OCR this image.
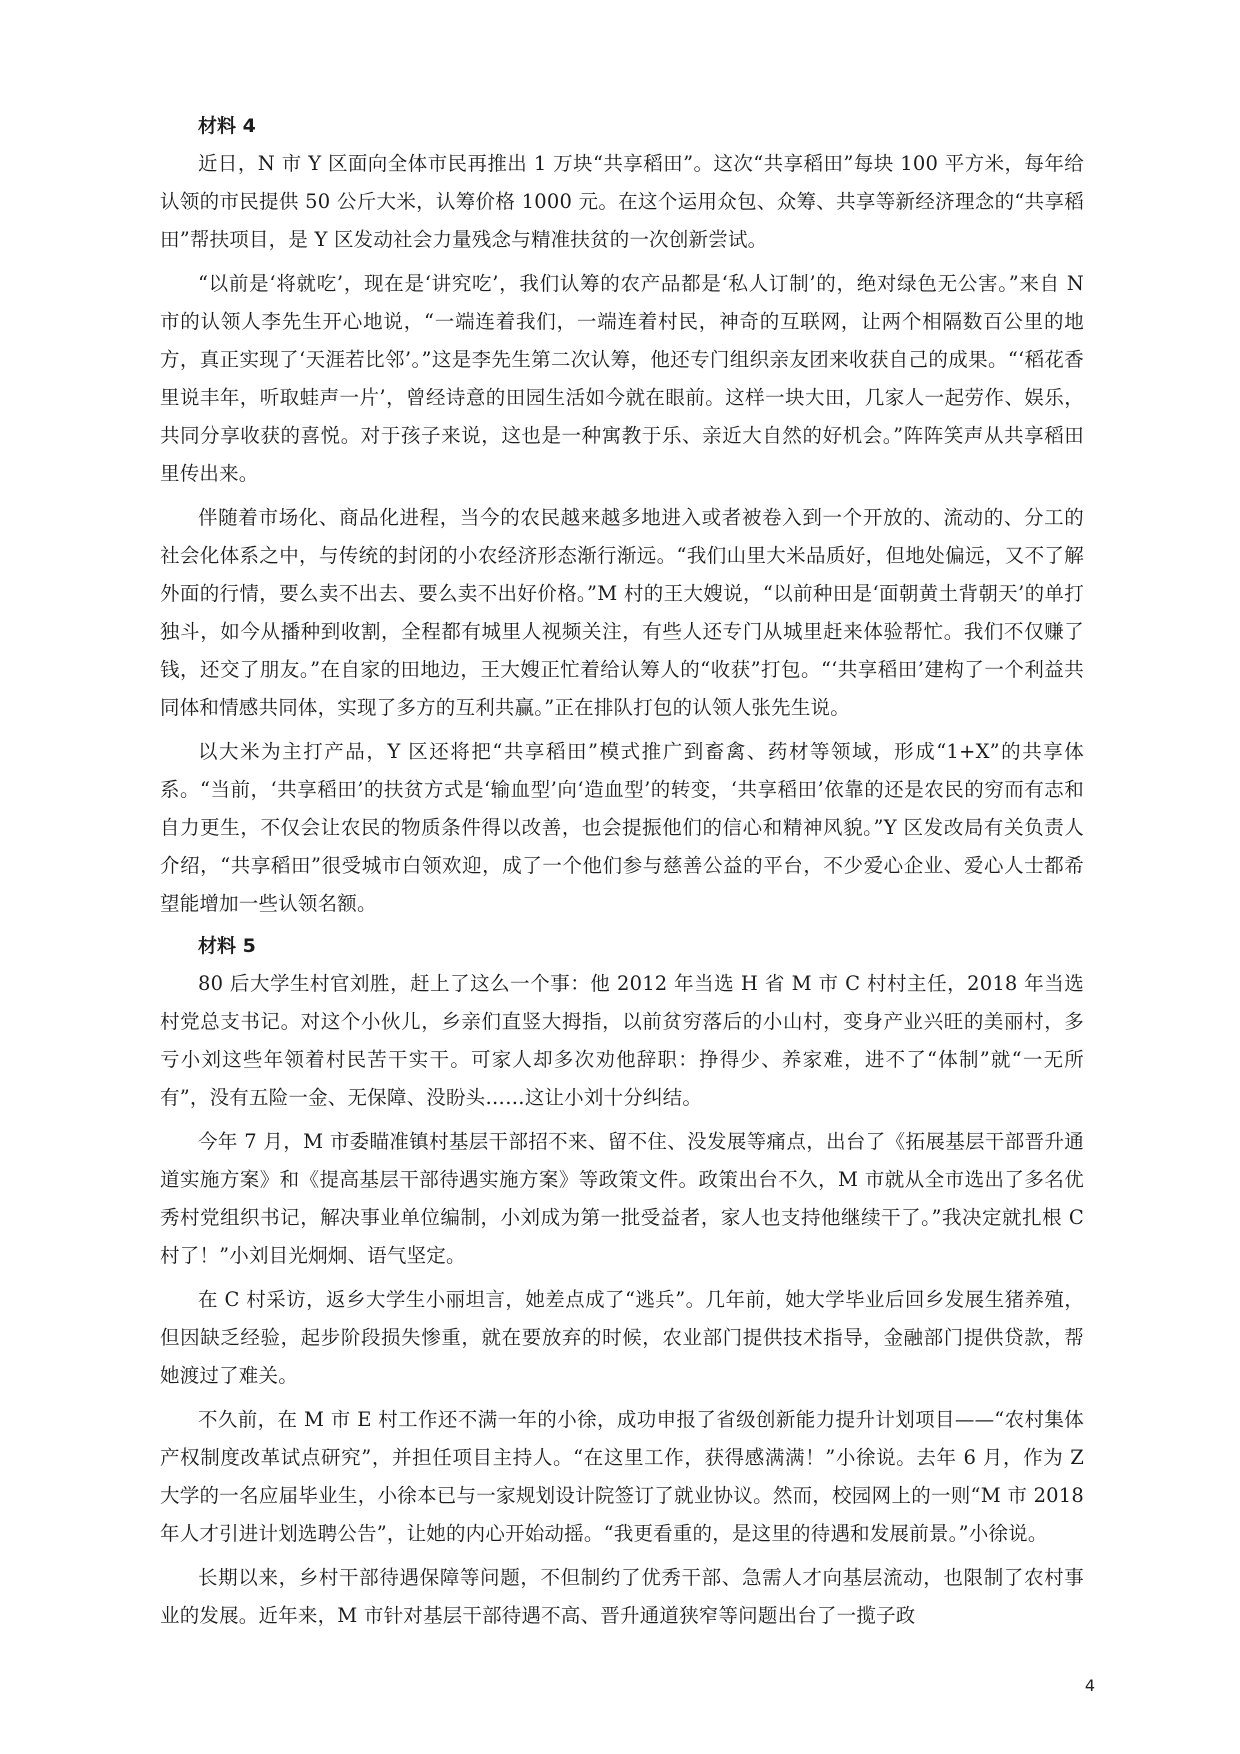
材料 4

近日，N 市 Y 区面向全体市民再推出 1 万块“共享稻田”。这次“共享稻田”每块 100 平方米，每年给认领的市民提供 50 公斤大米，认筹价格 1000 元。在这个运用众包、众筹、共享等新经济理念的“共享稻田”帮扶项目，是 Y 区发动社会力量残念与精准扶贫的一次创新尝试。

“以前是‘将就吃’，现在是‘讲究吃’，我们认筹的农产品都是‘私人订制’的，绝对绿色无公害。”来自 N 市的认领人李先生开心地说，“一端连着我们，一端连着村民，神奇的互联网，让两个相隔数百公里的地方，真正实现了‘天涯若比邻’。”这是李先生第二次认筹，他还专门组织亲友团来收获自己的成果。“‘稻花香里说丰年，听取蛙声一片’，曾经诗意的田园生活如今就在眼前。这样一块大田，几家人一起劳作、娱乐，共同分享收获的喜悦。对于孩子来说，这也是一种寓教于乐、亲近大自然的好机会。”阵阵笑声从共享稻田里传出来。

伴随着市场化、商品化进程，当今的农民越来越多地进入或者被卷入到一个开放的、流动的、分工的社会化体系之中，与传统的封闭的小农经济形态渐行渐远。“我们山里大米品质好，但地处偏远，又不了解外面的行情，要么卖不出去、要么卖不出好价格。”M 村的王大嫂说，“以前种田是‘面朝黄土背朝天’的单打独斗，如今从播种到收割，全程都有城里人视频关注，有些人还专门从城里赶来体验帮忙。我们不仅赚了钱，还交了朋友。”在自家的田地边，王大嫂正忙着给认筹人的“收获”打包。“‘共享稻田’建构了一个利益共同体和情感共同体，实现了多方的互利共赢。”正在排队打包的认领人张先生说。

以大米为主打产品，Y 区还将把“共享稻田”模式推广到畜禽、药材等领域，形成“1+X”的共享体系。“当前，‘共享稻田’的扶贫方式是‘输血型’向‘造血型’的转变，‘共享稻田’依靠的还是农民的穷而有志和自力更生，不仅会让农民的物质条件得以改善，也会提振他们的信心和精神风貌。”Y 区发改局有关负责人介绍，“共享稻田”很受城市白领欢迎，成了一个他们参与慈善公益的平台，不少爱心企业、爱心人士都希望能增加一些认领名额。

材料 5

80 后大学生村官刘胜，赶上了这么一个事：他 2012 年当选 H 省 M 市 C 村村主任，2018 年当选村党总支书记。对这个小伙儿，乡亲们直竖大拇指，以前贫穷落后的小山村，变身产业兴旺的美丽村，多亏小刘这些年领着村民苦干实干。可家人却多次劝他辞职：挣得少、养家难，进不了“体制”就“一无所有”，没有五险一金、无保障、没盼头……这让小刘十分纠结。

今年 7 月，M 市委瞄准镇村基层干部招不来、留不住、没发展等痛点，出台了《拓展基层干部晋升通道实施方案》和《提高基层干部待遇实施方案》等政策文件。政策出台不久，M 市就从全市选出了多名优秀村党组织书记，解决事业单位编制，小刘成为第一批受益者，家人也支持他继续干了。”我决定就扎根 C 村了！”小刘目光炯炯、语气坚定。

在 C 村采访，返乡大学生小丽坦言，她差点成了“逃兵”。几年前，她大学毕业后回乡发展生猪养殖，但因缺乏经验，起步阶段损失惨重，就在要放弃的时候，农业部门提供技术指导，金融部门提供贷款，帮她渡过了难关。

不久前，在 M 市 E 村工作还不满一年的小徐，成功申报了省级创新能力提升计划项目——“农村集体产权制度改革试点研究”，并担任项目主持人。“在这里工作，获得感满满！”小徐说。去年 6 月，作为 Z 大学的一名应届毕业生，小徐本已与一家规划设计院签订了就业协议。然而，校园网上的一则“M 市 2018 年人才引进计划选聘公告”，让她的内心开始动摇。“我更看重的，是这里的待遇和发展前景。”小徐说。

长期以来，乡村干部待遇保障等问题，不但制约了优秀干部、急需人才向基层流动，也限制了农村事业的发展。近年来，M 市针对基层干部待遇不高、晋升通道狭窄等问题出台了一揽子政

4
